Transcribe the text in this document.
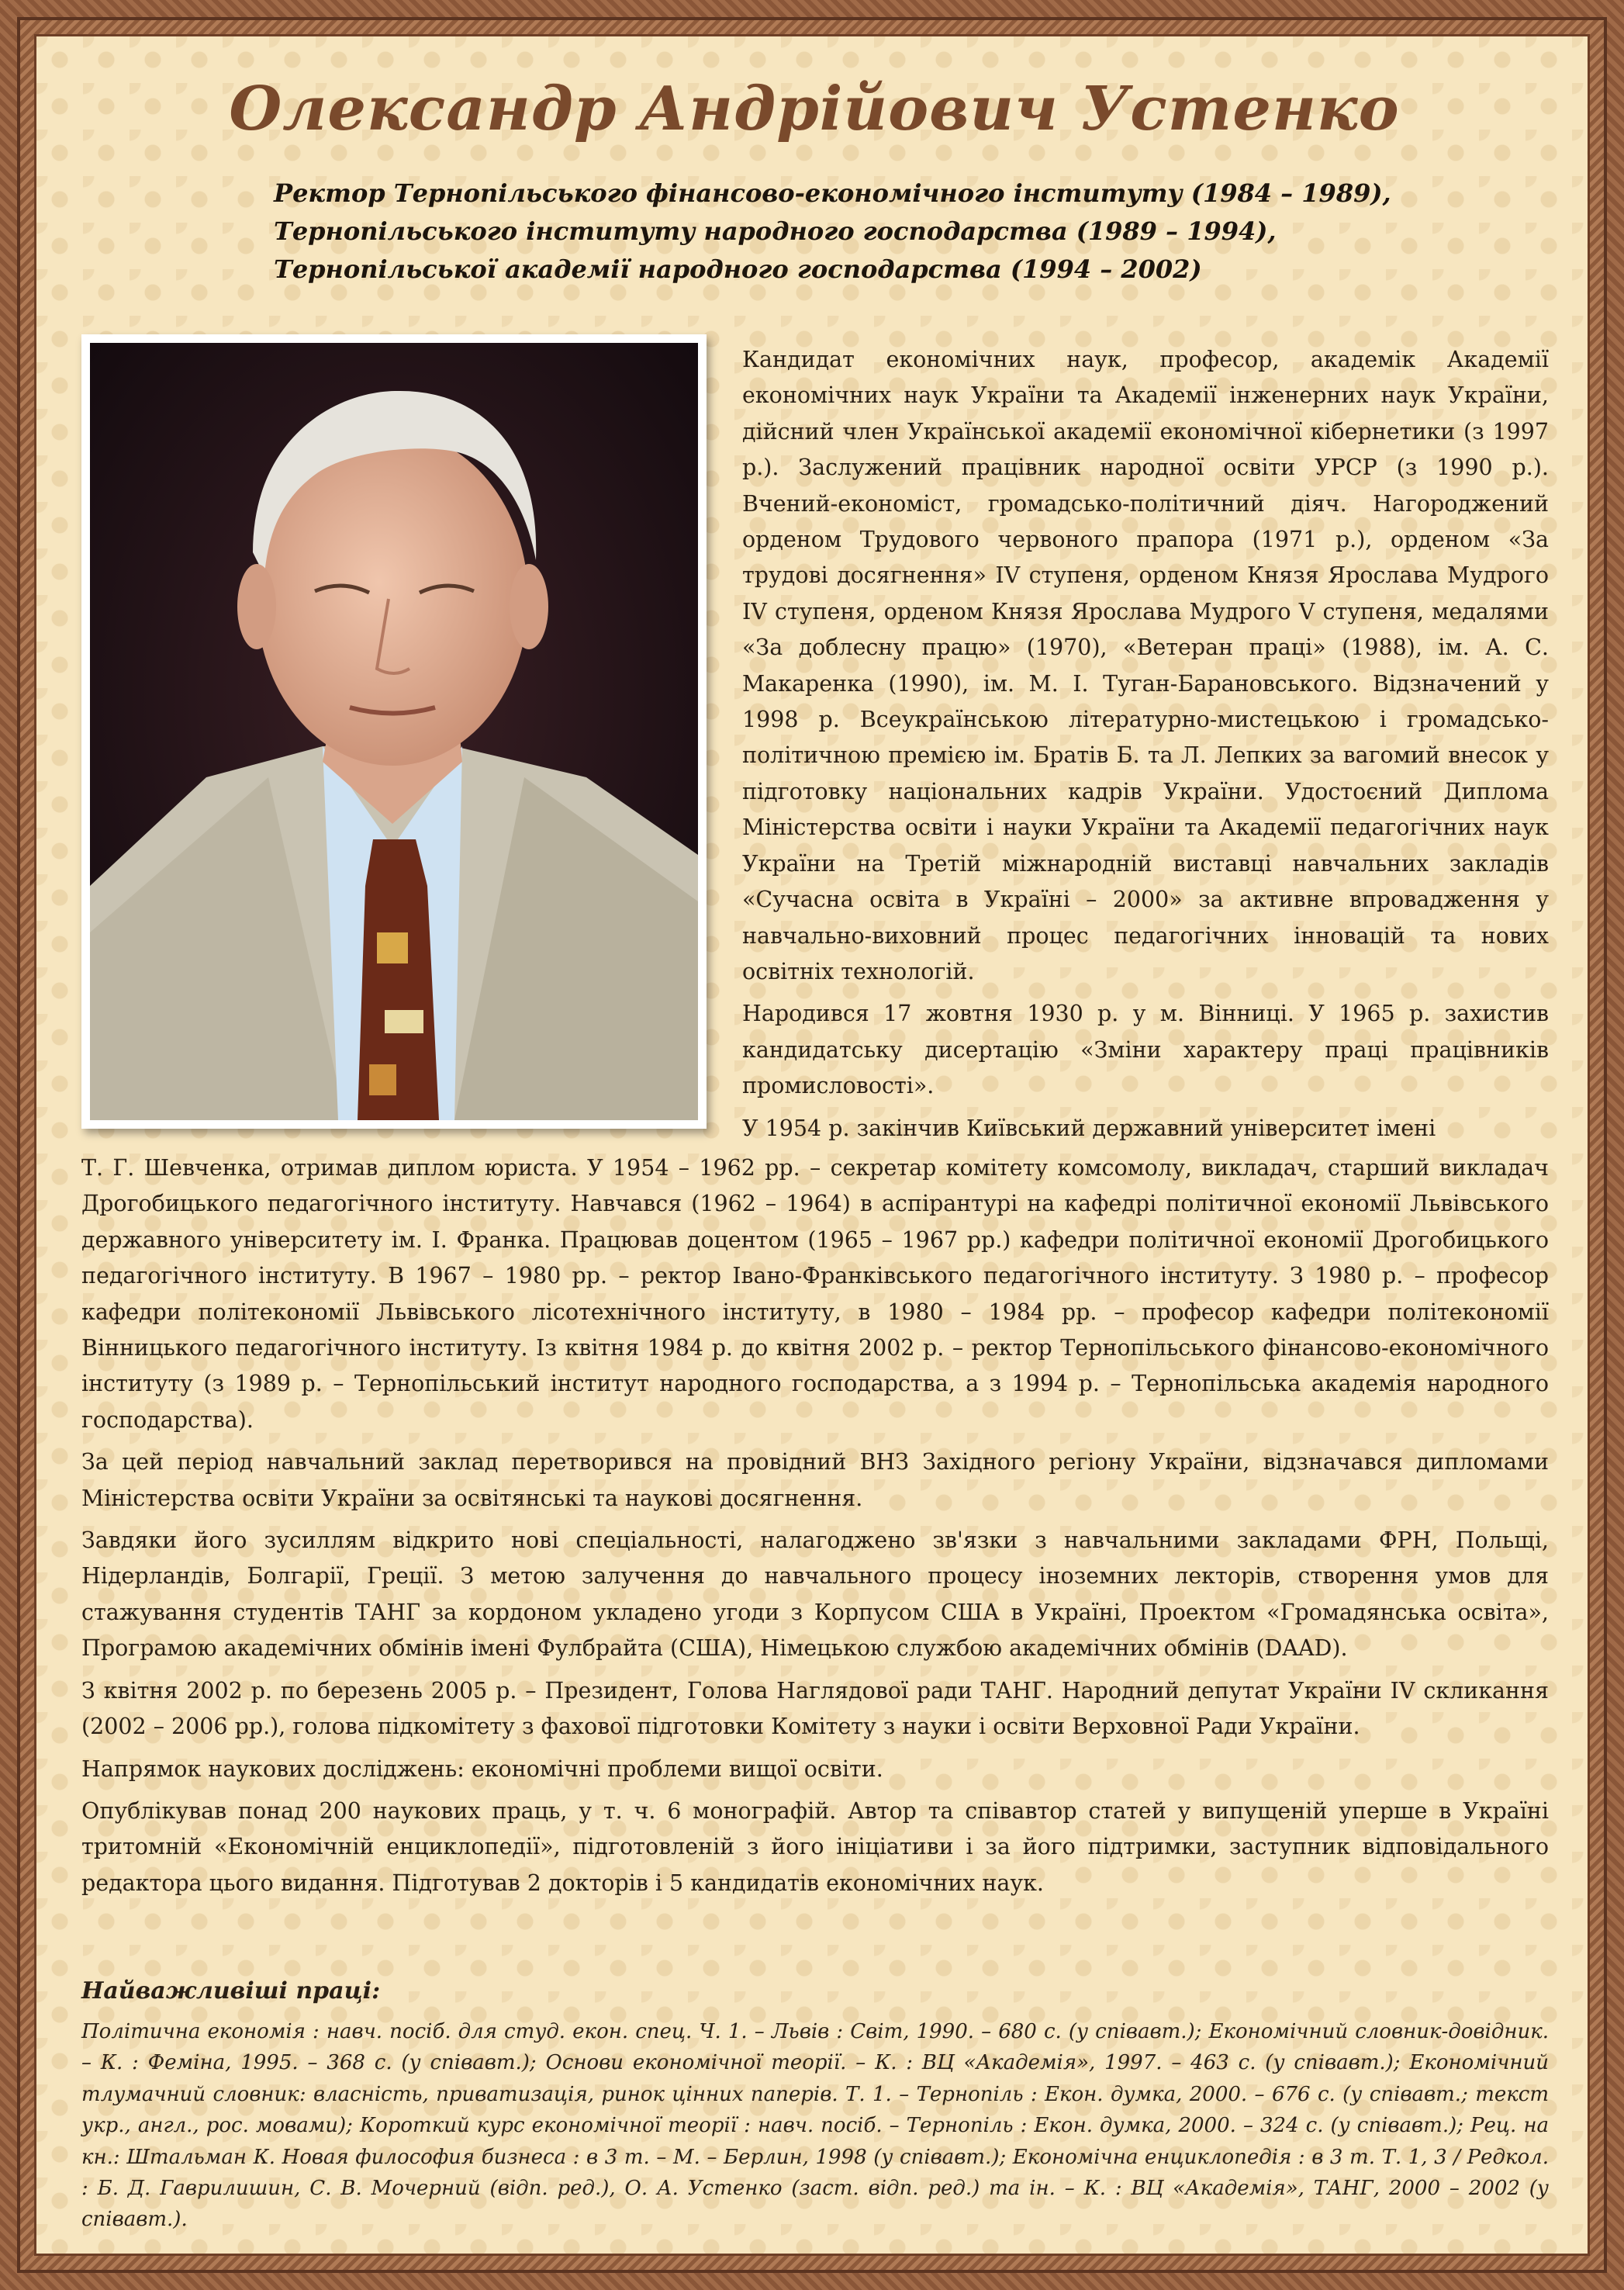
Олександр Андрійович Устенко
Ректор Тернопільського фінансово-економічного інституту (1984 – 1989),
Тернопільського інституту народного господарства (1989 – 1994),
Тернопільської академії народного господарства (1994 – 2002)

Кандидат економічних наук, професор, академік Академії економічних наук України та Академії інженерних наук України, дійсний член Української академії економічної кібернетики (з 1997 р.). Заслужений працівник народної освіти УРСР (з 1990 р.). Вчений-економіст, громадсько-політичний діяч. Нагороджений орденом Трудового червоного прапора (1971 р.), орденом «За трудові досягнення» IV ступеня, орденом Князя Ярослава Мудрого IV ступеня, орденом Князя Ярослава Мудрого V ступеня, медалями «За доблесну працю» (1970), «Ветеран праці» (1988), ім. А. С. Макаренка (1990), ім. М. І. Туган-Барановського. Відзначений у 1998 р. Всеукраїнською літературно-мистецькою і громадсько-політичною премією ім. Братів Б. та Л. Лепких за вагомий внесок у підготовку національних кадрів України. Удостоєний Диплома Міністерства освіти і науки України та Академії педагогічних наук України на Третій міжнародній виставці навчальних закладів «Сучасна освіта в Україні – 2000» за активне впровадження у навчально-виховний процес педагогічних інновацій та нових освітніх технологій.

Народився 17 жовтня 1930 р. у м. Вінниці. У 1965 р. захистив кандидатську дисертацію «Зміни характеру праці працівників промисловості».

У 1954 р. закінчив Київський державний університет імені

Т. Г. Шевченка, отримав диплом юриста. У 1954 – 1962 рр. – секретар комітету комсомолу, викладач, старший викладач Дрогобицького педагогічного інституту. Навчався (1962 – 1964) в аспірантурі на кафедрі політичної економії Львівського державного університету ім. І. Франка. Працював доцентом (1965 – 1967 рр.) кафедри політичної економії Дрогобицького педагогічного інституту. В 1967 – 1980 рр. – ректор Івано-Франківського педагогічного інституту. З 1980 р. – професор кафедри політекономії Львівського лісотехнічного інституту, в 1980 – 1984 рр. – професор кафедри політекономії Вінницького педагогічного інституту. Із квітня 1984 р. до квітня 2002 р. – ректор Тернопільського фінансово-економічного інституту (з 1989 р. – Тернопільський інститут народного господарства, а з 1994 р. – Тернопільська академія народного господарства).

За цей період навчальний заклад перетворився на провідний ВНЗ Західного регіону України, відзначався дипломами Міністерства освіти України за освітянські та наукові досягнення.

Завдяки його зусиллям відкрито нові спеціальності, налагоджено зв'язки з навчальними закладами ФРН, Польщі, Нідерландів, Болгарії, Греції. З метою залучення до навчального процесу іноземних лекторів, створення умов для стажування студентів ТАНГ за кордоном укладено угоди з Корпусом США в Україні, Проектом «Громадянська освіта», Програмою академічних обмінів імені Фулбрайта (США), Німецькою службою академічних обмінів (DAAD).

З квітня 2002 р. по березень 2005 р. – Президент, Голова Наглядової ради ТАНГ. Народний депутат України IV скликання (2002 – 2006 рр.), голова підкомітету з фахової підготовки Комітету з науки і освіти Верховної Ради України.

Напрямок наукових досліджень: економічні проблеми вищої освіти.

Опублікував понад 200 наукових праць, у т. ч. 6 монографій. Автор та співавтор статей у випущеній уперше в Україні тритомній «Економічній енциклопедії», підготовленій з його ініціативи і за його підтримки, заступник відповідального редактора цього видання. Підготував 2 докторів і 5 кандидатів економічних наук.

Найважливіші праці:
Політична економія : навч. посіб. для студ. екон. спец. Ч. 1. – Львів : Світ, 1990. – 680 с. (у співавт.); Економічний словник-довідник. – К. : Феміна, 1995. – 368 с. (у співавт.); Основи економічної теорії. – К. : ВЦ «Академія», 1997. – 463 с. (у співавт.); Економічний тлумачний словник: власність, приватизація, ринок цінних паперів. Т. 1. – Тернопіль : Екон. думка, 2000. – 676 с. (у співавт.; текст укр., англ., рос. мовами); Короткий курс економічної теорії : навч. посіб. – Тернопіль : Екон. думка, 2000. – 324 с. (у співавт.); Рец. на кн.: Штальман К. Новая философия бизнеса : в 3 т. – М. – Берлин, 1998 (у співавт.); Економічна енциклопедія : в 3 т. Т. 1, 3 / Редкол. : Б. Д. Гаврилишин, С. В. Мочерний (відп. ред.), О. А. Устенко (заст. відп. ред.) та ін. – К. : ВЦ «Академія», ТАНГ, 2000 – 2002 (у співавт.).
